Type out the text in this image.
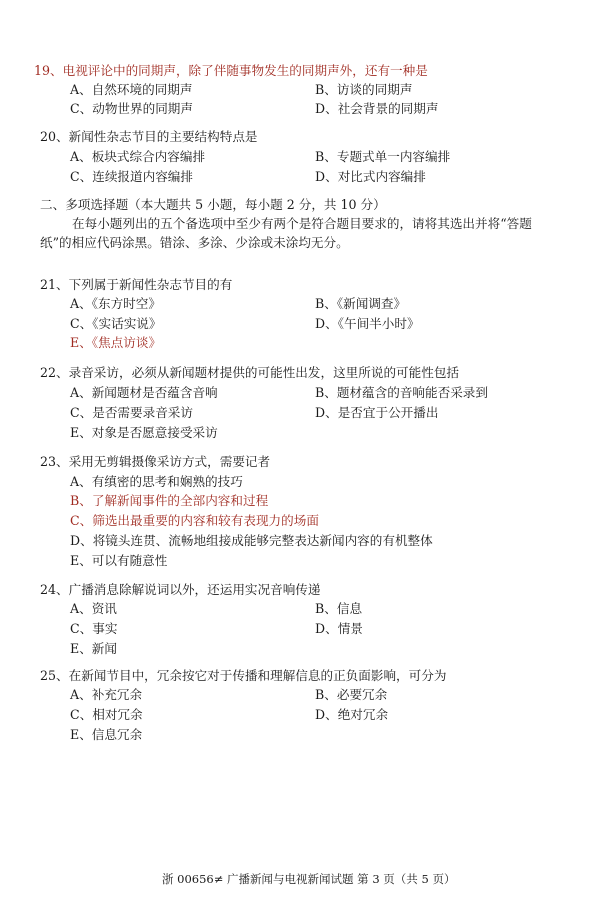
19、电视评论中的同期声，除了伴随事物发生的同期声外，还有一种是
A、自然环境的同期声	B、访谈的同期声
C、动物世界的同期声	D、社会背景的同期声
20、新闻性杂志节目的主要结构特点是
A、板块式综合内容编排	B、专题式单一内容编排
C、连续报道内容编排	D、对比式内容编排
二、多项选择题（本大题共 5 小题，每小题 2 分，共 10 分）
在每小题列出的五个备选项中至少有两个是符合题目要求的，请将其选出并将“答题
纸”的相应代码涂黑。错涂、多涂、少涂或未涂均无分。
21、下列属于新闻性杂志节目的有
A、《东方时空》	B、《新闻调查》
C、《实话实说》	D、《午间半小时》
E、《焦点访谈》
22、录音采访，必须从新闻题材提供的可能性出发，这里所说的可能性包括
A、新闻题材是否蕴含音响	B、题材蕴含的音响能否采录到
C、是否需要录音采访	D、是否宜于公开播出
E、对象是否愿意接受采访
23、采用无剪辑摄像采访方式，需要记者
A、有缜密的思考和娴熟的技巧
B、了解新闻事件的全部内容和过程
C、筛选出最重要的内容和较有表现力的场面
D、将镜头连贯、流畅地组接成能够完整表达新闻内容的有机整体
E、可以有随意性
24、广播消息除解说词以外，还运用实况音响传递
A、资讯	B、信息
C、事实	D、情景
E、新闻
25、在新闻节目中，冗余按它对于传播和理解信息的正负面影响，可分为
A、补充冗余	B、必要冗余
C、相对冗余	D、绝对冗余
E、信息冗余
浙 00656≠ 广播新闻与电视新闻试题 第 3 页（共 5 页）
